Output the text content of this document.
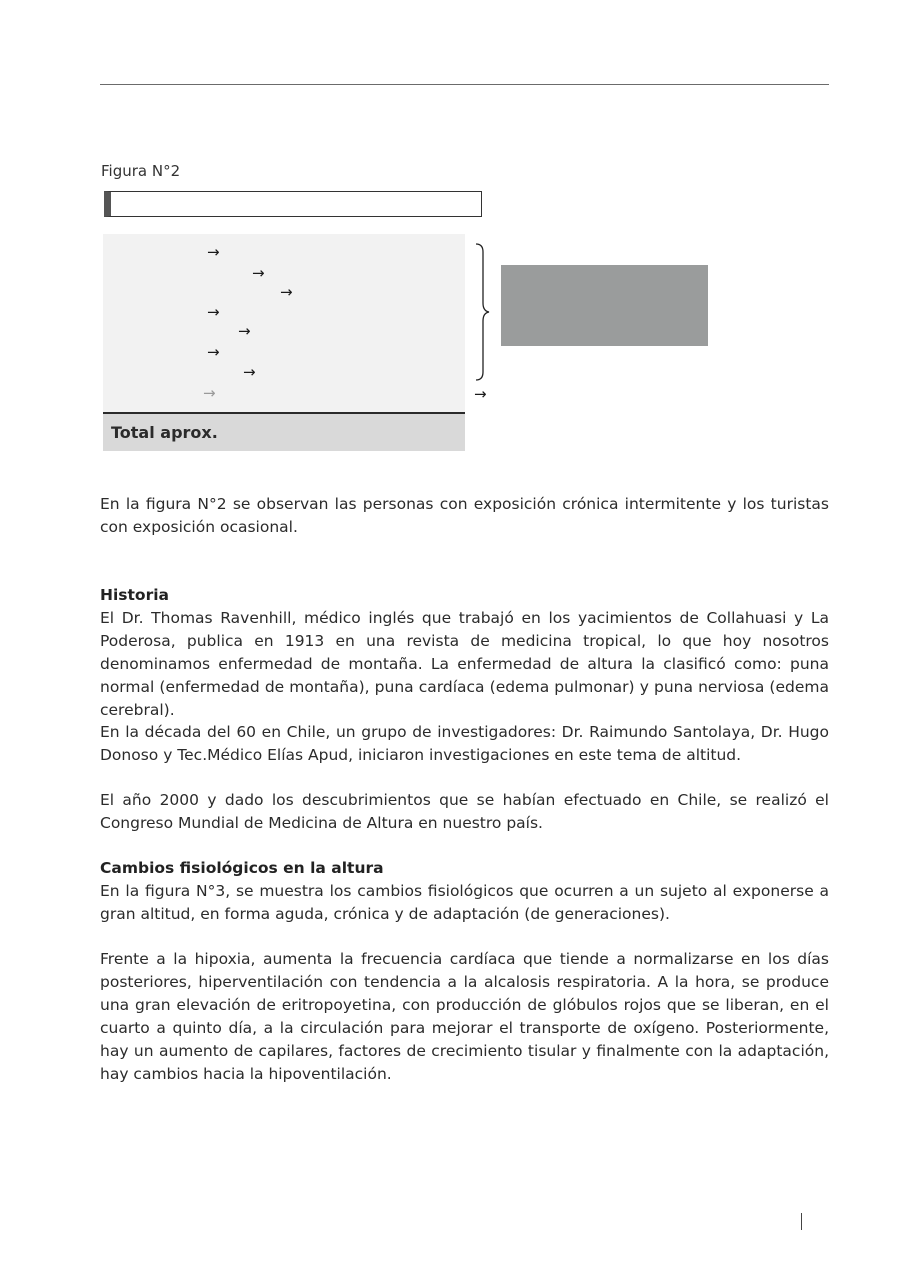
Figura N°2
→
→
→
→
→
→
→
→
Total aprox.
→

En la figura N°2 se observan las personas con exposición crónica intermitente y los turistas con exposición ocasional.

Historia

El Dr. Thomas Ravenhill, médico inglés que trabajó en los yacimientos de Collahuasi y La Poderosa, publica en 1913 en una revista de medicina tropical, lo que hoy nosotros denominamos enfermedad de montaña. La enfermedad de altura la clasificó como: puna normal (enfermedad de montaña), puna cardíaca (edema pulmonar) y puna nerviosa (edema cerebral).

En la década del 60 en Chile, un grupo de investigadores: Dr. Raimundo Santolaya, Dr. Hugo Donoso y Tec.Médico Elías Apud, iniciaron investigaciones en este tema de altitud.

El año 2000 y dado los descubrimientos que se habían efectuado en Chile, se realizó el Congreso Mundial de Medicina de Altura en nuestro país.

Cambios fisiológicos en la altura

En la figura N°3, se muestra los cambios fisiológicos que ocurren a un sujeto al exponerse a gran altitud, en forma aguda, crónica y de adaptación (de generaciones).

Frente a la hipoxia, aumenta la frecuencia cardíaca que tiende a normalizarse en los días posteriores, hiperventilación con tendencia a la alcalosis respiratoria. A la hora, se produce una gran elevación de eritropoyetina, con producción de glóbulos rojos que se liberan, en el cuarto a quinto día, a la circulación para mejorar el transporte de oxígeno. Posteriormente, hay un aumento de capilares, factores de crecimiento tisular y finalmente con la adaptación, hay cambios hacia la hipoventilación.
